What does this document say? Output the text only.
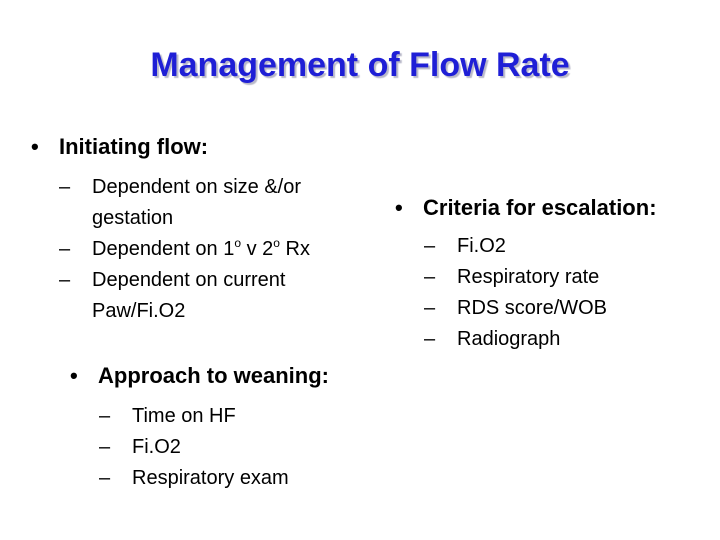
Management of Flow Rate
• Initiating flow:
–	Dependent on size &/or gestation
–	Dependent on 1$^o$ v 2$^o$ Rx
–	Dependent on current Paw/Fi.O2
• Approach to weaning:
–	Time on HF
–	Fi.O2
–	Respiratory exam
• Criteria for escalation:
–	Fi.O2
–	Respiratory rate
–	RDS score/WOB
–	Radiograph
